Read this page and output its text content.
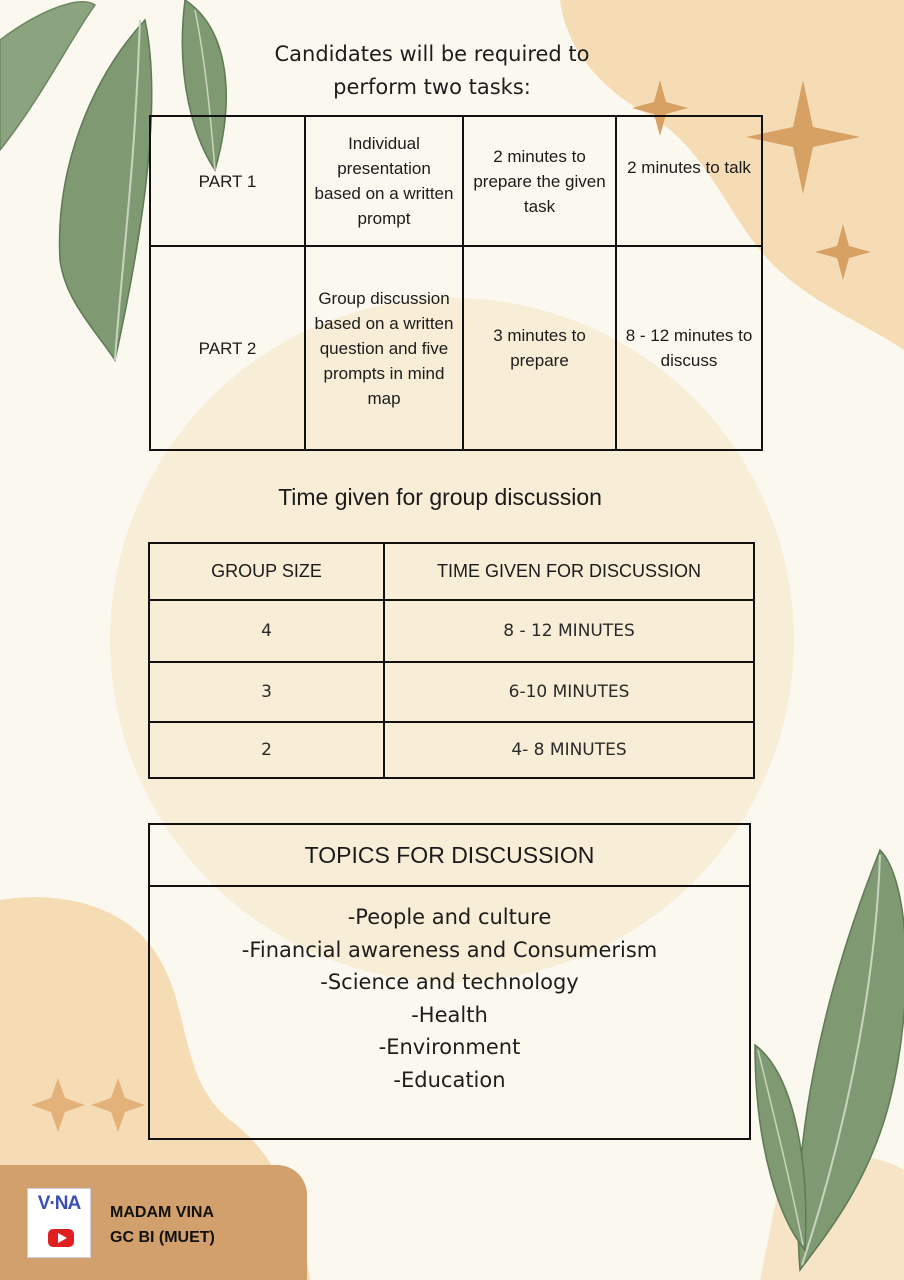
Candidates will be required to
perform two tasks:
PART 1	Individual presentation based on a written prompt	2 minutes to prepare the given task	2 minutes to talk
PART 2	Group discussion based on a written question and five prompts in mind map	3 minutes to prepare	8 - 12 minutes to discuss
Time given for group discussion
GROUP SIZE	TIME GIVEN FOR DISCUSSION
4	8 - 12 MINUTES
3	6-10 MINUTES
2	4- 8 MINUTES
TOPICS FOR DISCUSSION
-People and culture
-Financial awareness and Consumerism
-Science and technology
-Health
-Environment
-Education
V·NA	MADAM VINA
GC BI (MUET)
